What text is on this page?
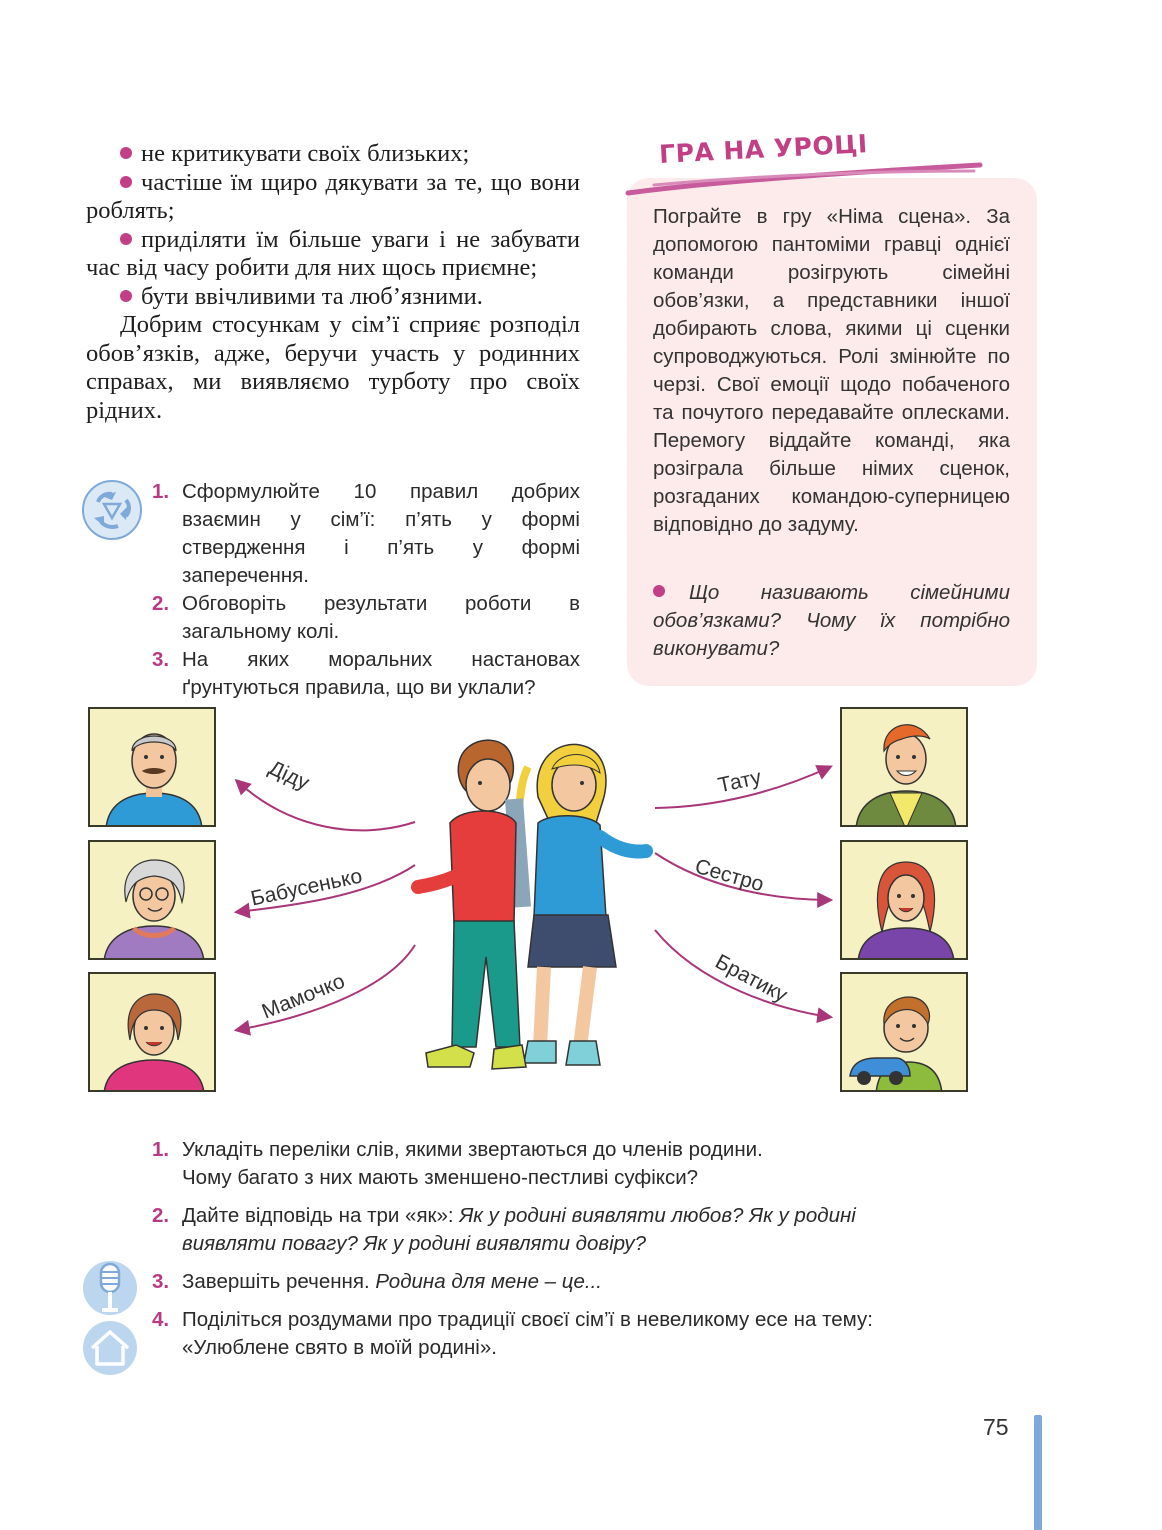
не критикувати своїх близьких;

частіше їм щиро дякувати за те, що вони роблять;

приділяти їм більше уваги і не забувати час від часу робити для них щось приємне;

бути ввічливими та люб’язними.

Добрим стосункам у сім’ї сприяє розподіл обов’язків, адже, беручи участь у родинних справах, ми виявляємо турботу про своїх рідних.

1. Сформулюйте 10 правил добрих взаємин у сім’ї: п’ять у формі ствердження і п’ять у формі заперечення.
2. Обговоріть результати роботи в загальному колі.
3. На яких моральних настановах ґрунтуються правила, що ви уклали?
ГРА НА УРОЦІ
Пограйте в гру «Німа сцена». За допомогою пантоміми гравці однієї команди розігрують сімейні обов’язки, а представники іншої добирають слова, якими ці сценки супроводжуються. Ролі змінюйте по черзі. Свої емоції щодо побаченого та почутого передавайте оплесками. Перемогу віддайте команді, яка розіграла більше німих сценок, розгаданих командою-суперницею відповідно до задуму.
Що називають сімейними обов’язками? Чому їх потрібно виконувати?
Діду
Бабусенько
Мамочко
Тату
Сестро
Братику
1. Укладіть переліки слів, якими звертаються до членів родини.
Чому багато з них мають зменшено-пестливі суфікси?
2. Дайте відповідь на три «як»: Як у родині виявляти любов? Як у родині
виявляти повагу? Як у родині виявляти довіру?
3. Завершіть речення. Родина для мене – це...
4. Поділіться роздумами про традиції своєї сім’ї в невеликому есе на тему:
«Улюблене свято в моїй родині».
75
